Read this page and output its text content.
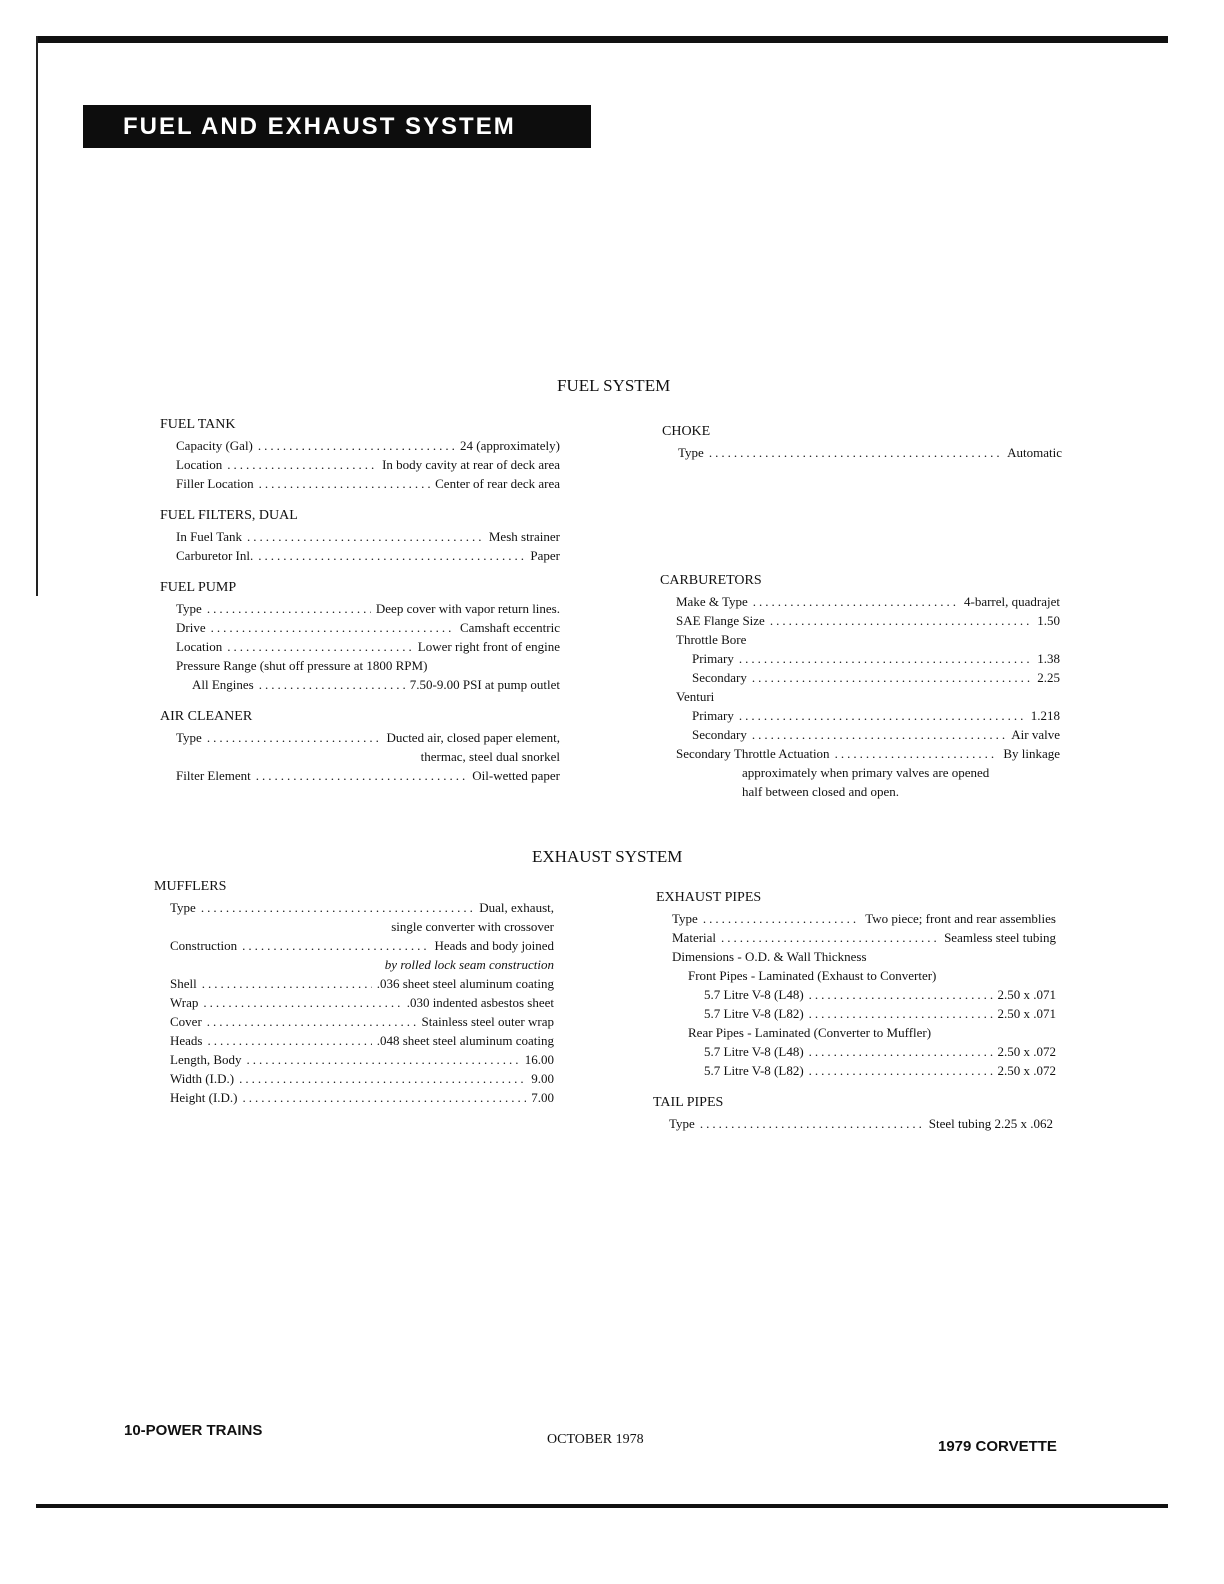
FUEL AND EXHAUST SYSTEM
FUEL SYSTEM
FUEL TANK
Capacity (Gal) .....	24 (approximately)
Location .....	In body cavity at rear of deck area
Filler Location .....	Center of rear deck area
FUEL FILTERS, DUAL
In Fuel Tank .....	Mesh strainer
Carburetor Inl. .....	Paper
FUEL PUMP
Type .....	Deep cover with vapor return lines.
Drive .....	Camshaft eccentric
Location .....	Lower right front of engine
Pressure Range (shut off pressure at 1800 RPM)
All Engines .....	7.50-9.00 PSI at pump outlet
AIR CLEANER
Type .....	Ducted air, closed paper element,
thermac, steel dual snorkel
Filter Element .....	Oil-wetted paper
CHOKE
Type .....	Automatic
CARBURETORS
Make & Type .....	4-barrel, quadrajet
SAE Flange Size .....	1.50
Throttle Bore
Primary .....	1.38
Secondary .....	2.25
Venturi
Primary .....	1.218
Secondary .....	Air valve
Secondary Throttle Actuation .....	By linkage
approximately when primary valves are opened
half between closed and open.
EXHAUST SYSTEM
MUFFLERS
Type .....	Dual, exhaust,
single converter with crossover
Construction .....	Heads and body joined
by rolled lock seam construction
Shell .....	.036 sheet steel aluminum coating
Wrap .....	.030 indented asbestos sheet
Cover .....	Stainless steel outer wrap
Heads .....	.048 sheet steel aluminum coating
Length, Body .....	16.00
Width (I.D.) .....	9.00
Height (I.D.) .....	7.00
EXHAUST PIPES
Type .....	Two piece; front and rear assemblies
Material .....	Seamless steel tubing
Dimensions - O.D. & Wall Thickness
Front Pipes - Laminated (Exhaust to Converter)
5.7 Litre V-8 (L48) .....	2.50 x .071
5.7 Litre V-8 (L82) .....	2.50 x .071
Rear Pipes - Laminated (Converter to Muffler)
5.7 Litre V-8 (L48) .....	2.50 x .072
5.7 Litre V-8 (L82) .....	2.50 x .072
TAIL PIPES
Type .....	Steel tubing 2.25 x .062
10-POWER TRAINS
OCTOBER 1978	1979 CORVETTE
